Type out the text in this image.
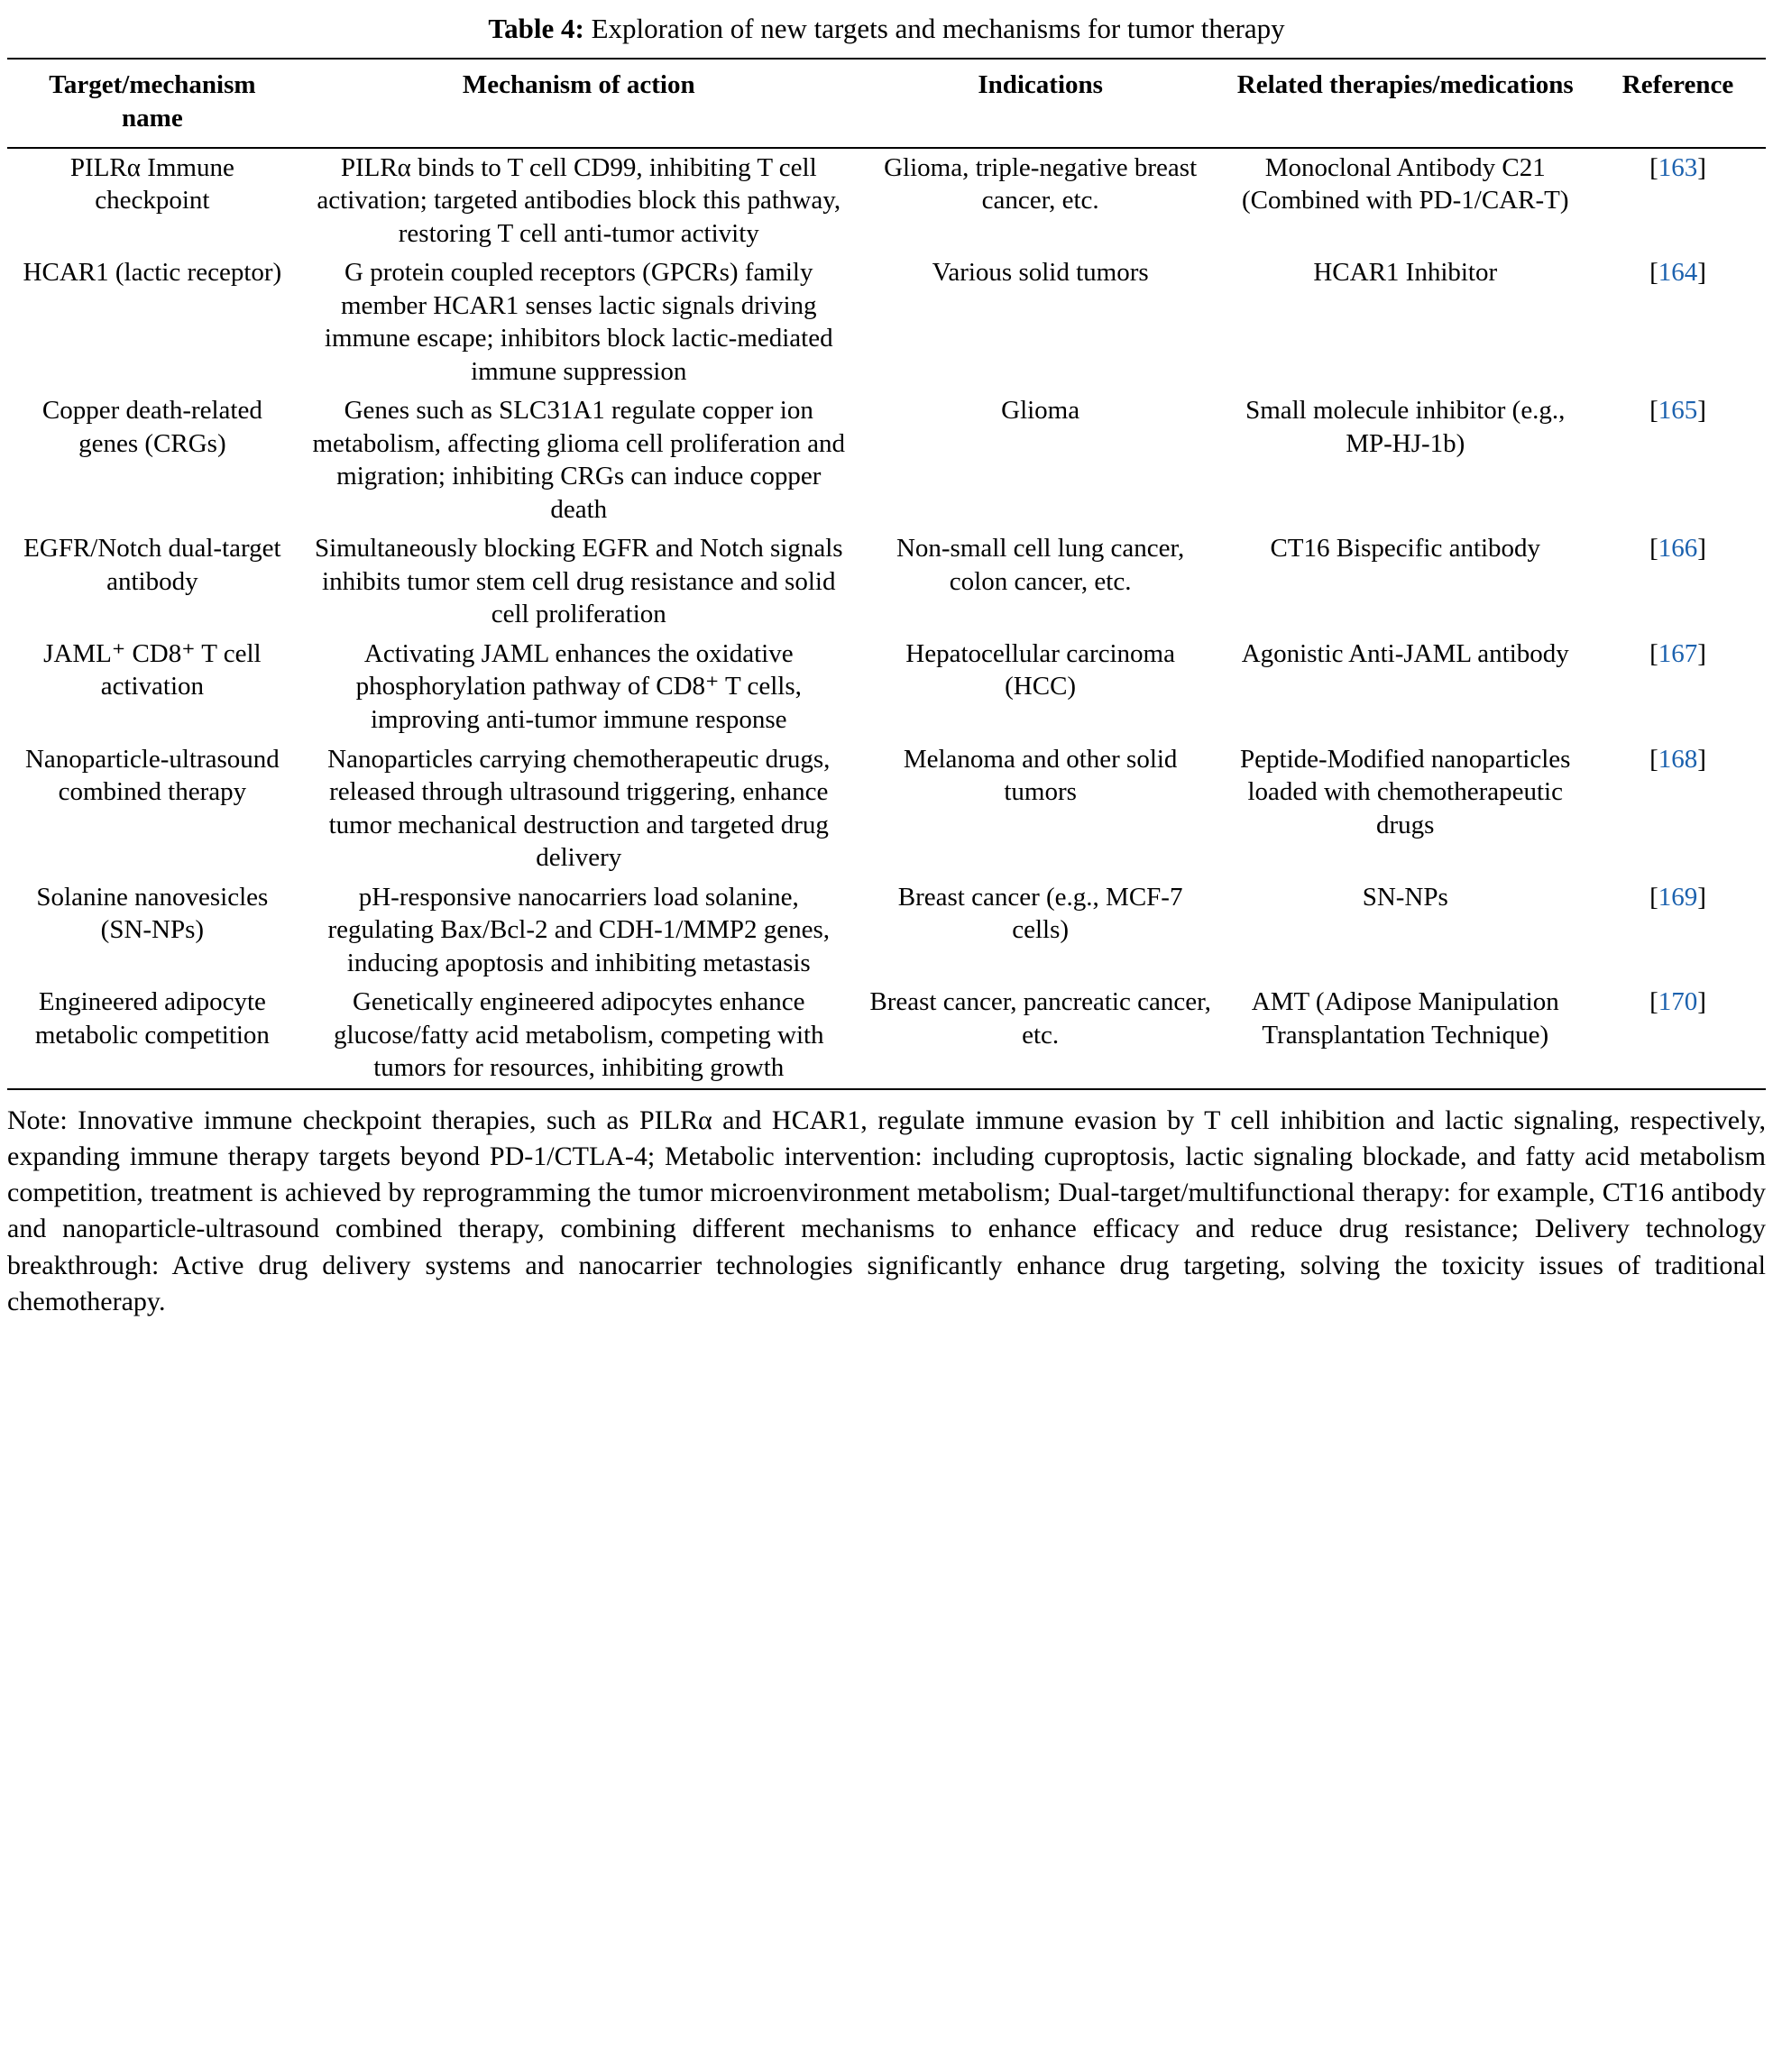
Table 4: Exploration of new targets and mechanisms for tumor therapy
Target/mechanism name	Mechanism of action	Indications	Related therapies/medications	Reference
PILRα Immune checkpoint	PILRα binds to T cell CD99, inhibiting T cell activation; targeted antibodies block this pathway, restoring T cell anti-tumor activity	Glioma, triple-negative breast cancer, etc.	Monoclonal Antibody C21 (Combined with PD-1/CAR-T)	[163]
HCAR1 (lactic receptor)	G protein coupled receptors (GPCRs) family member HCAR1 senses lactic signals driving immune escape; inhibitors block lactic-mediated immune suppression	Various solid tumors	HCAR1 Inhibitor	[164]
Copper death-related genes (CRGs)	Genes such as SLC31A1 regulate copper ion metabolism, affecting glioma cell proliferation and migration; inhibiting CRGs can induce copper death	Glioma	Small molecule inhibitor (e.g., MP-HJ-1b)	[165]
EGFR/Notch dual-target antibody	Simultaneously blocking EGFR and Notch signals inhibits tumor stem cell drug resistance and solid cell proliferation	Non-small cell lung cancer, colon cancer, etc.	CT16 Bispecific antibody	[166]
JAML⁺ CD8⁺ T cell activation	Activating JAML enhances the oxidative phosphorylation pathway of CD8⁺ T cells, improving anti-tumor immune response	Hepatocellular carcinoma (HCC)	Agonistic Anti-JAML antibody	[167]
Nanoparticle-ultrasound combined therapy	Nanoparticles carrying chemotherapeutic drugs, released through ultrasound triggering, enhance tumor mechanical destruction and targeted drug delivery	Melanoma and other solid tumors	Peptide-Modified nanoparticles loaded with chemotherapeutic drugs	[168]
Solanine nanovesicles (SN-NPs)	pH-responsive nanocarriers load solanine, regulating Bax/Bcl-2 and CDH-1/MMP2 genes, inducing apoptosis and inhibiting metastasis	Breast cancer (e.g., MCF-7 cells)	SN-NPs	[169]
Engineered adipocyte metabolic competition	Genetically engineered adipocytes enhance glucose/fatty acid metabolism, competing with tumors for resources, inhibiting growth	Breast cancer, pancreatic cancer, etc.	AMT (Adipose Manipulation Transplantation Technique)	[170]
Note: Innovative immune checkpoint therapies, such as PILRα and HCAR1, regulate immune evasion by T cell inhibition and lactic signaling, respectively, expanding immune therapy targets beyond PD-1/CTLA-4; Metabolic intervention: including cuproptosis, lactic signaling blockade, and fatty acid metabolism competition, treatment is achieved by reprogramming the tumor microenvironment metabolism; Dual-target/multifunctional therapy: for example, CT16 antibody and nanoparticle-ultrasound combined therapy, combining different mechanisms to enhance efficacy and reduce drug resistance; Delivery technology breakthrough: Active drug delivery systems and nanocarrier technologies significantly enhance drug targeting, solving the toxicity issues of traditional chemotherapy.
